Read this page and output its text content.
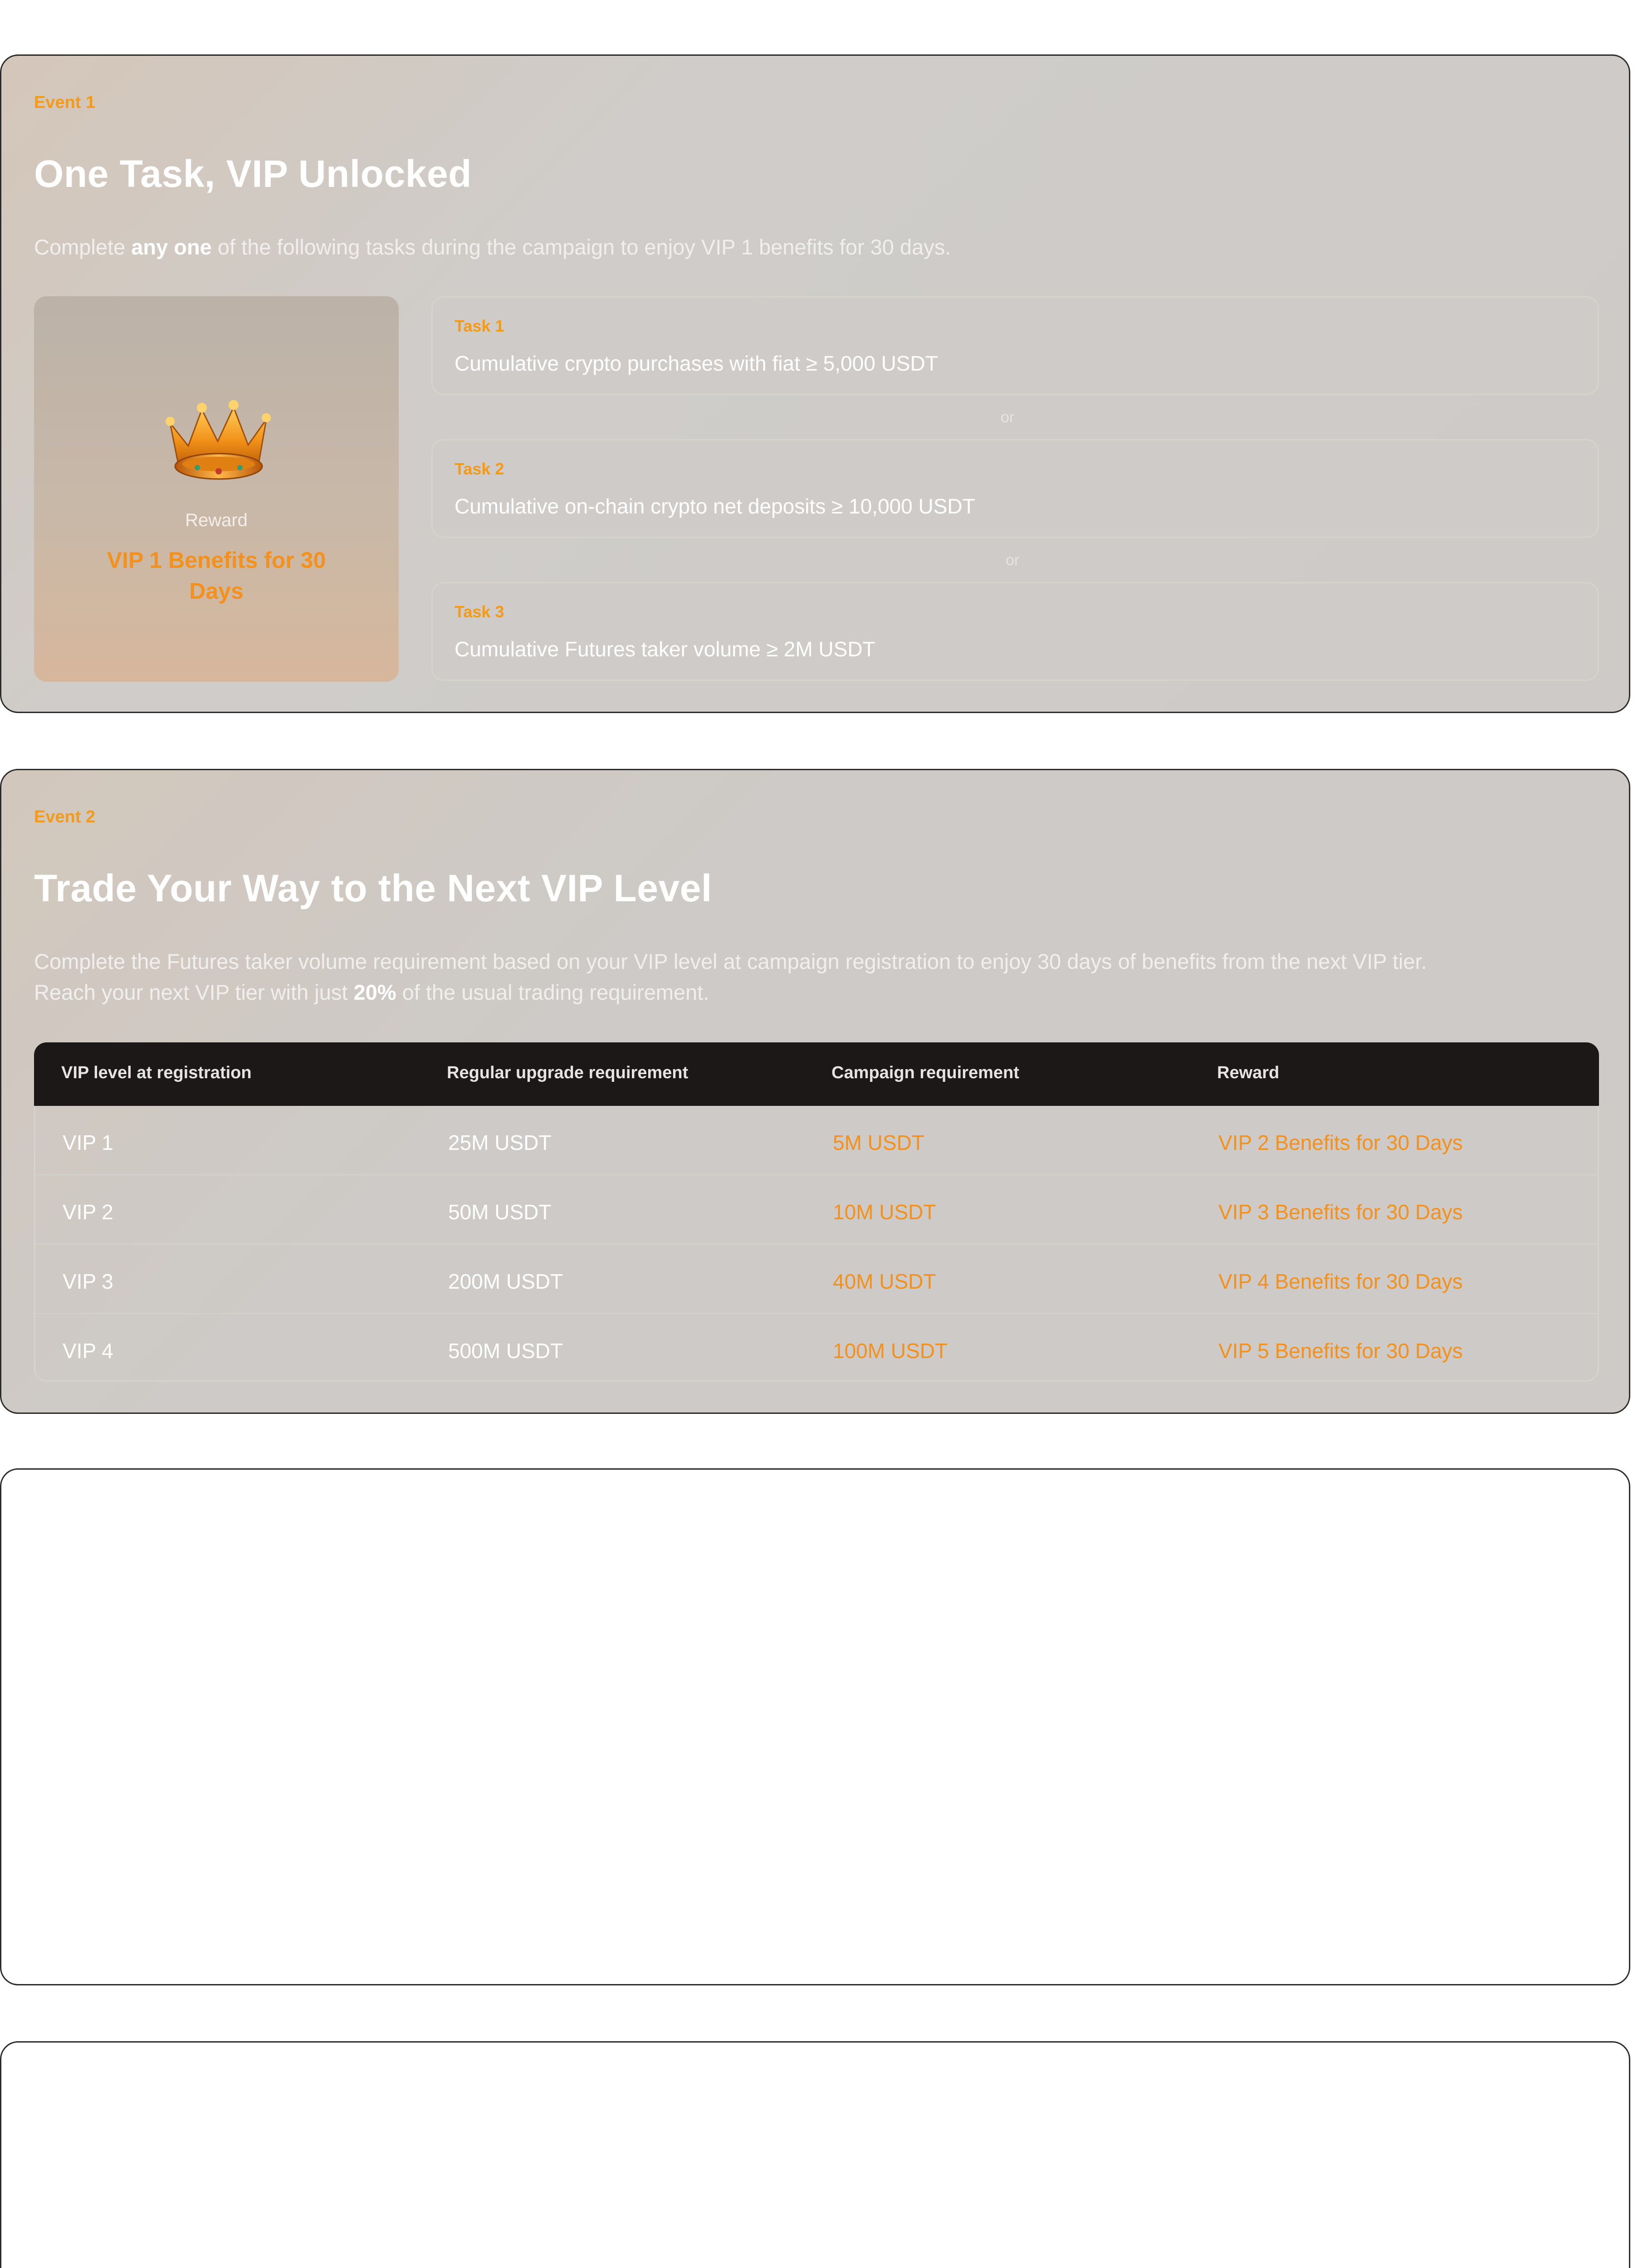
Event 1
One Task, VIP Unlocked
Complete any one of the following tasks during the campaign to enjoy VIP 1 benefits for 30 days.
Reward
VIP 1 Benefits for 30 Days
Task 1
Cumulative crypto purchases with fiat ≥ 5,000 USDT
or
Task 2
Cumulative on-chain crypto net deposits ≥ 10,000 USDT
or
Task 3
Cumulative Futures taker volume ≥ 2M USDT
Event 2
Trade Your Way to the Next VIP Level
Complete the Futures taker volume requirement based on your VIP level at campaign registration to enjoy 30 days of benefits from the next VIP tier.
Reach your next VIP tier with just 20% of the usual trading requirement.
VIP level at registration	Regular upgrade requirement	Campaign requirement	Reward
VIP 1	25M USDT	5M USDT	VIP 2 Benefits for 30 Days
VIP 2	50M USDT	10M USDT	VIP 3 Benefits for 30 Days
VIP 3	200M USDT	40M USDT	VIP 4 Benefits for 30 Days
VIP 4	500M USDT	100M USDT	VIP 5 Benefits for 30 Days
